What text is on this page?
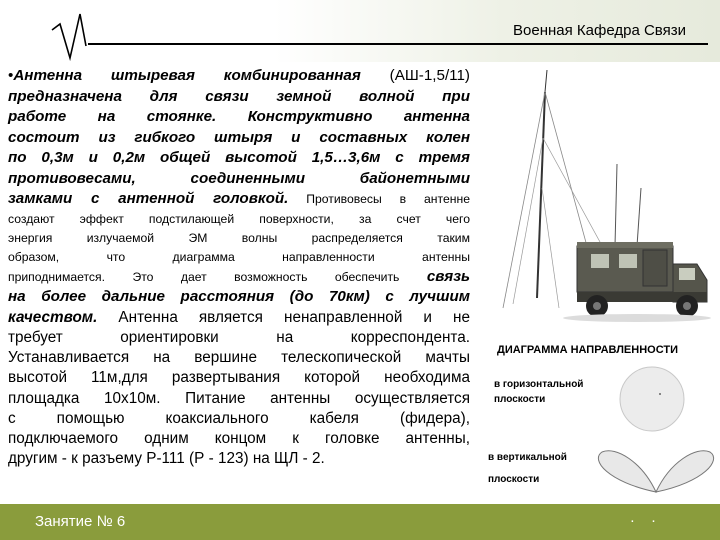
Военная Кафедра Связи

•Антенна штыревая комбинированная (АШ-1,5/11)

предназначена для связи земной волной при

работе на стоянке. Конструктивно антенна

состоит из гибкого штыря и составных колен

по 0,3м и 0,2м общей высотой 1,5…3,6м с тремя

противовесами, соединенными байонетными

замками с антенной головкой. Противовесы в антенне

создают эффект подстилающей поверхности, за счет чего

энергия излучаемой ЭМ волны распределяется таким

образом, что диаграмма направленности антенны

приподнимается. Это дает возможность обеспечить связь

на более дальние расстояния (до 70км) с лучшим

качеством. Антенна является ненаправленной и не

требует ориентировки на корреспондента.

Устанавливается на вершине телескопической мачты

высотой 11м,для развертывания которой необходима

площадка 10х10м. Питание антенны осуществляется

с помощью коаксиального кабеля (фидера),

подключаемого одним концом к головке антенны,

другим - к разъему Р-111 (Р - 123) на ЩЛ - 2.

ДИАГРАММА НАПРАВЛЕННОСТИ
в горизонтальной плоскости
в вертикальной
плоскости
Занятие № 6	· ·
